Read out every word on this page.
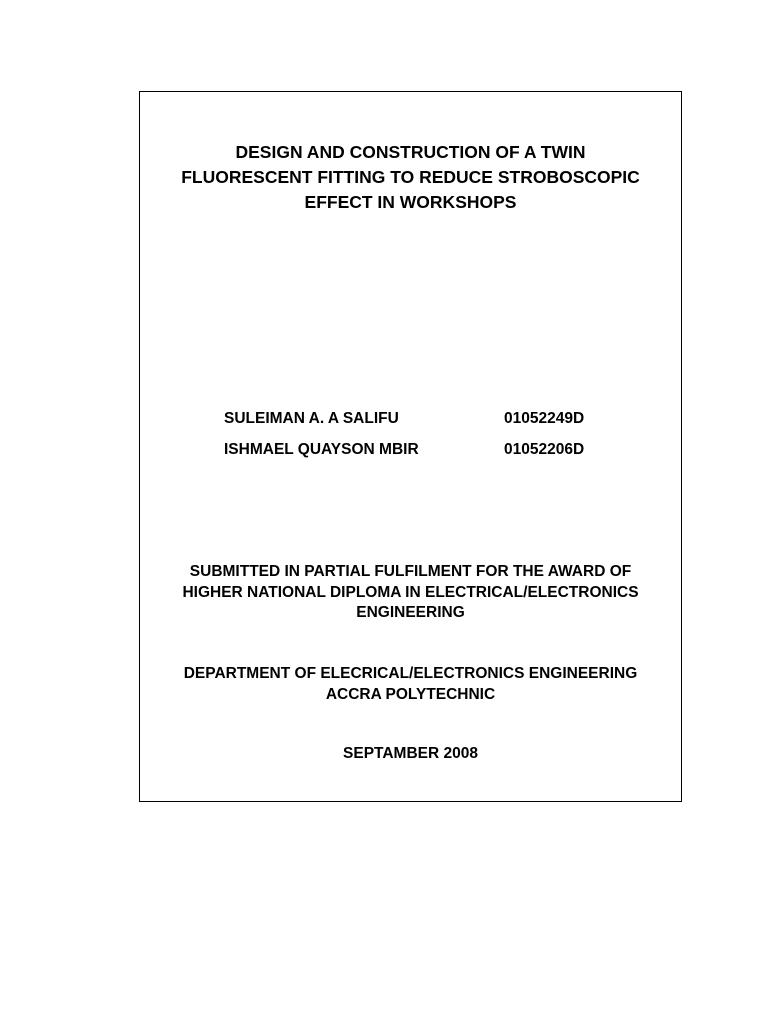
DESIGN AND CONSTRUCTION OF A TWIN
FLUORESCENT FITTING TO REDUCE STROBOSCOPIC
EFFECT IN WORKSHOPS
SULEIMAN A. A SALIFU	01052249D
ISHMAEL QUAYSON MBIR	01052206D
SUBMITTED IN PARTIAL FULFILMENT FOR THE AWARD OF
HIGHER NATIONAL DIPLOMA IN ELECTRICAL/ELECTRONICS
ENGINEERING
DEPARTMENT OF ELECRICAL/ELECTRONICS ENGINEERING
ACCRA POLYTECHNIC
SEPTAMBER 2008
